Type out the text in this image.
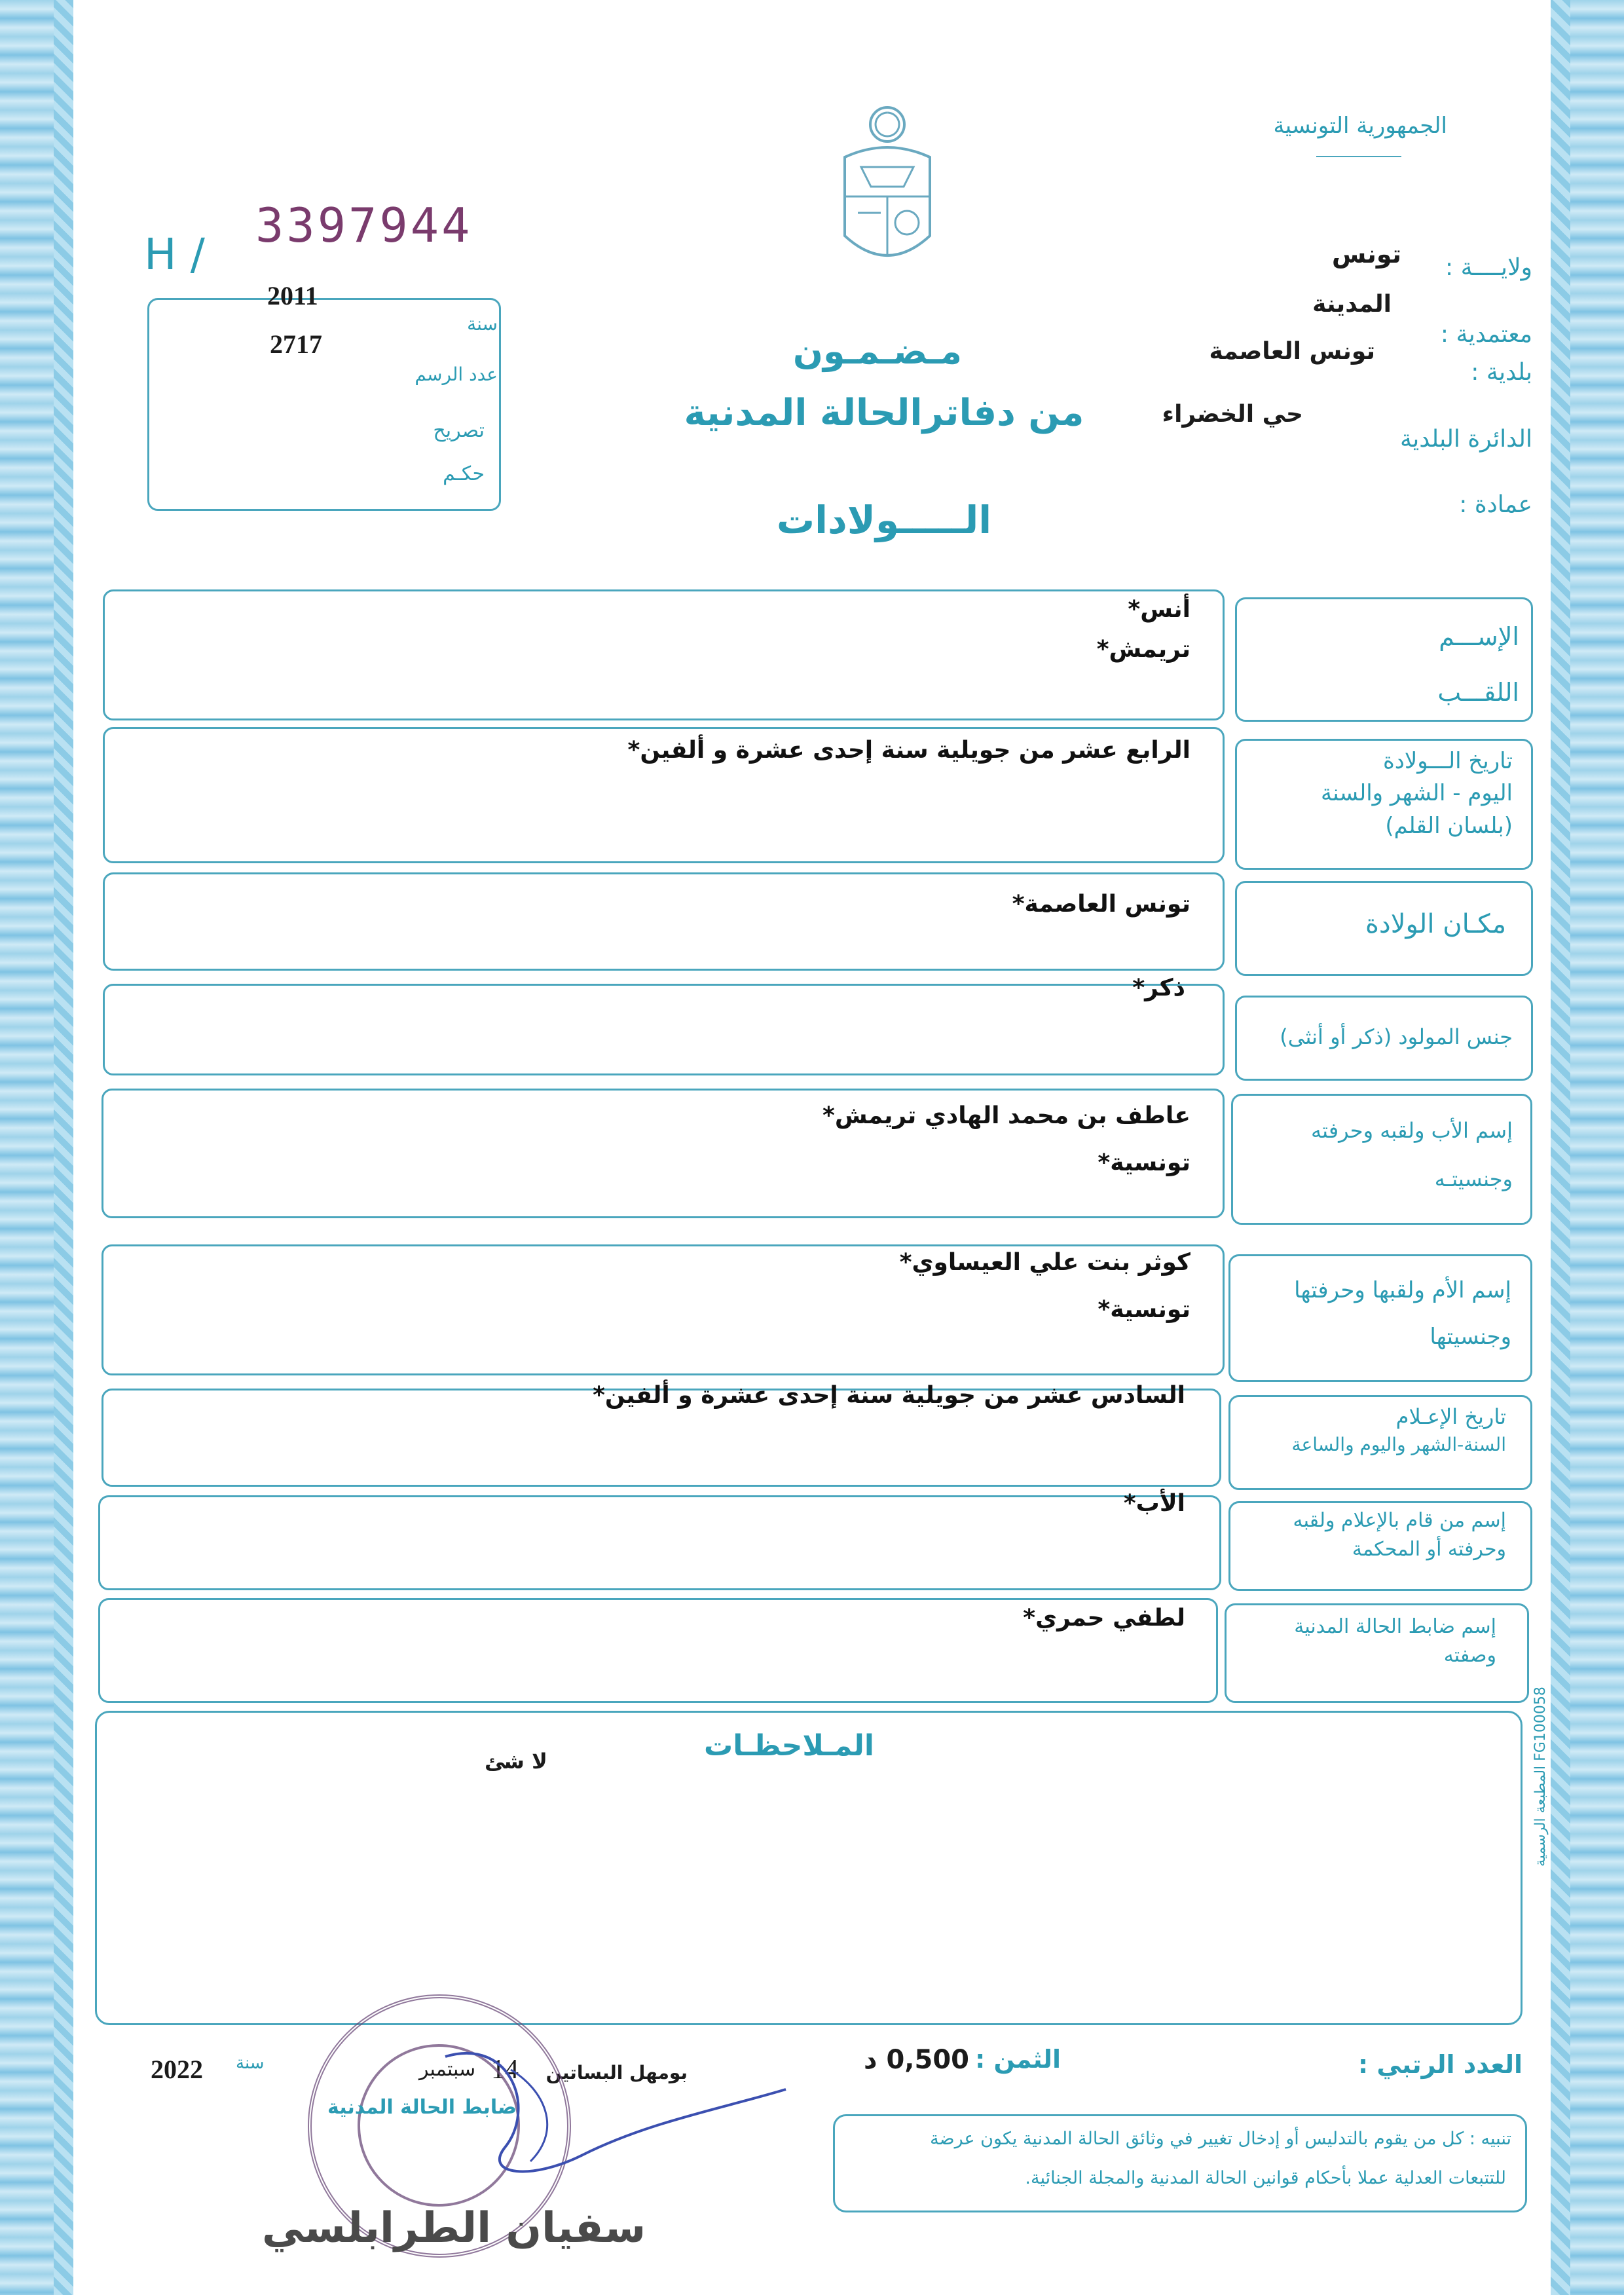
الجمهورية التونسية
ولايــــة :
تونس
معتمدية :
المدينة
بلدية :
تونس العاصمة
الدائرة البلدية
حي الخضراء
عمادة :
H /
3397944
سنة
2011
عدد الرسم
2717
تصريح
حكـم
مـضـمـون
من دفاترالحالة المدنية
الـــــولادات
الإســـم
اللقـــب
أنس*
تريمش*
تاريخ الـــولادة
اليوم - الشهر والسنة
(بلسان القلم)
الرابع عشر من جويلية سنة إحدى عشرة و ألفين*
مكـان الولادة
تونس العاصمة*
جنس المولود (ذكر أو أنثى)
ذكر*
إسم الأب ولقبه وحرفته
وجنسيتـه
عاطف بن محمد الهادي تريمش*
تونسية*
إسم الأم ولقبها وحرفتها
وجنسيتها
كوثر بنت علي العيساوي*
تونسية*
تاريخ الإعـلام
السنة-الشهر واليوم والساعة
السادس عشر من جويلية سنة إحدى عشرة و ألفين*
إسم من قام بالإعلام ولقبه
وحرفته أو المحكمة
الأب*
إسم ضابط الحالة المدنية
وصفته
لطفي حمري*
المـلاحظـات
لا شئ
المطبعة الرسمية FG100058
العدد الرتبي :
الثمن :
0,500 د
بومهل البساتين
14
سبتمبر
سنة
2022
ضابط الحالة المدنية
سفيان الطرابلسي
تنبيه : كل من يقوم بالتدليس أو إدخال تغيير في وثائق الحالة المدنية يكون عرضة
للتتبعات العدلية عملا بأحكام قوانين الحالة المدنية والمجلة الجنائية.
